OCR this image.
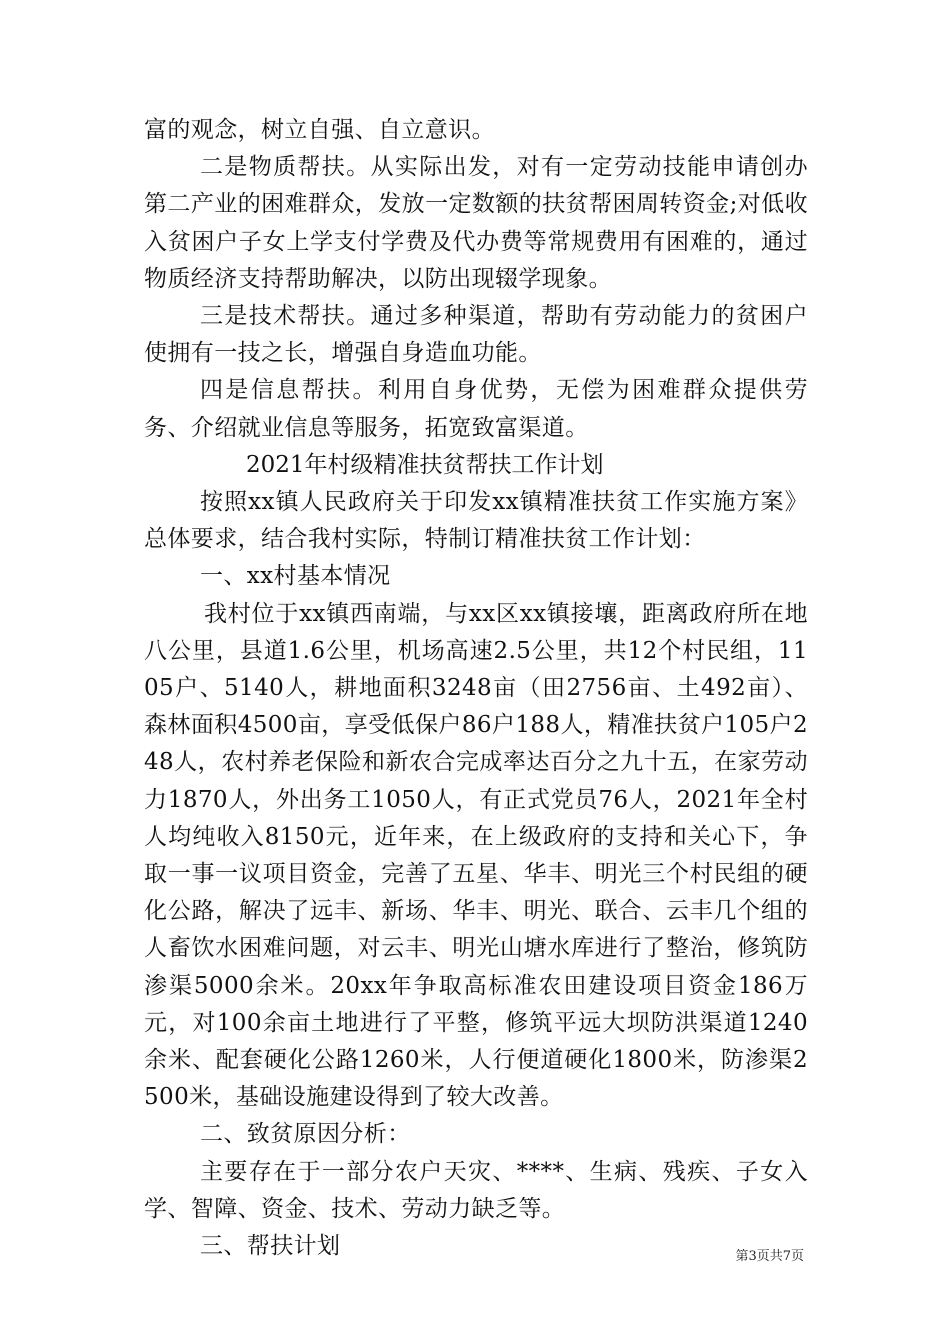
富的观念，树立自强、自立意识。

二是物质帮扶。从实际出发，对有一定劳动技能申请创办第二产业的困难群众，发放一定数额的扶贫帮困周转资金;对低收入贫困户子女上学支付学费及代办费等常规费用有困难的，通过物质经济支持帮助解决，以防出现辍学现象。

三是技术帮扶。通过多种渠道，帮助有劳动能力的贫困户使拥有一技之长，增强自身造血功能。

四是信息帮扶。利用自身优势，无偿为困难群众提供劳务、介绍就业信息等服务，拓宽致富渠道。

2021年村级精准扶贫帮扶工作计划

按照xx镇人民政府关于印发xx镇精准扶贫工作实施方案》总体要求，结合我村实际，特制订精准扶贫工作计划：

一、xx村基本情况

我村位于xx镇西南端，与xx区xx镇接壤，距离政府所在地八公里，县道1.6公里，机场高速2.5公里，共12个村民组，1105户、5140人，耕地面积3248亩（田2756亩、土492亩）、森林面积4500亩，享受低保户86户188人，精准扶贫户105户248人，农村养老保险和新农合完成率达百分之九十五，在家劳动力1870人，外出务工1050人，有正式党员76人，2021年全村人均纯收入8150元，近年来，在上级政府的支持和关心下，争取一事一议项目资金，完善了五星、华丰、明光三个村民组的硬化公路，解决了远丰、新场、华丰、明光、联合、云丰几个组的人畜饮水困难问题，对云丰、明光山塘水库进行了整治，修筑防渗渠5000余米。20xx年争取高标准农田建设项目资金186万元，对100余亩土地进行了平整，修筑平远大坝防洪渠道1240余米、配套硬化公路1260米，人行便道硬化1800米，防渗渠2500米，基础设施建设得到了较大改善。

二、致贫原因分析：

主要存在于一部分农户天灾、****、生病、残疾、子女入学、智障、资金、技术、劳动力缺乏等。

三、帮扶计划	第3页共7页
